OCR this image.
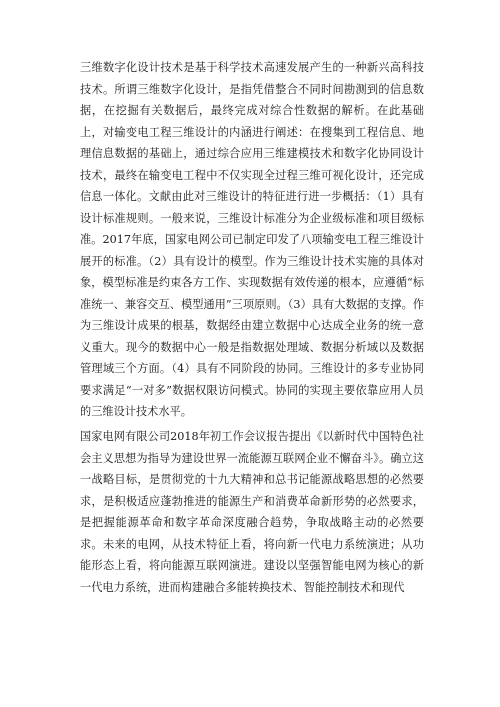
三维数字化设计技术是基于科学技术高速发展产生的一种新兴高科技技术。所谓三维数字化设计，是指凭借整合不同时间勘测到的信息数据，在挖掘有关数据后，最终完成对综合性数据的解析。在此基础上，对输变电工程三维设计的内涵进行阐述：在搜集到工程信息、地理信息数据的基础上，通过综合应用三维建模技术和数字化协同设计技术，最终在输变电工程中不仅实现全过程三维可视化设计，还完成信息一体化。文献由此对三维设计的特征进行进一步概括：（1）具有设计标准规则。一般来说，三维设计标准分为企业级标准和项目级标准。2017年底，国家电网公司已制定印发了八项输变电工程三维设计展开的标准。（2）具有设计的模型。作为三维设计技术实施的具体对象，模型标准是约束各方工作、实现数据有效传递的根本，应遵循“标准统一、兼容交互、模型通用”三项原则。（3）具有大数据的支撑。作为三维设计成果的根基，数据经由建立数据中心达成全业务的统一意义重大。现今的数据中心一般是指数据处理域、数据分析域以及数据管理域三个方面。（4）具有不同阶段的协同。三维设计的多专业协同要求满足“一对多”数据权限访问模式。协同的实现主要依靠应用人员的三维设计技术水平。

国家电网有限公司2018年初工作会议报告提出《以新时代中国特色社会主义思想为指导为建设世界一流能源互联网企业不懈奋斗》。确立这一战略目标，是贯彻党的十九大精神和总书记能源战略思想的必然要求，是积极适应蓬勃推进的能源生产和消费革命新形势的必然要求，是把握能源革命和数字革命深度融合趋势，争取战略主动的必然要求。未来的电网，从技术特征上看，将向新一代电力系统演进；从功能形态上看，将向能源互联网演进。建设以坚强智能电网为核心的新一代电力系统，进而构建融合多能转换技术、智能控制技术和现代
